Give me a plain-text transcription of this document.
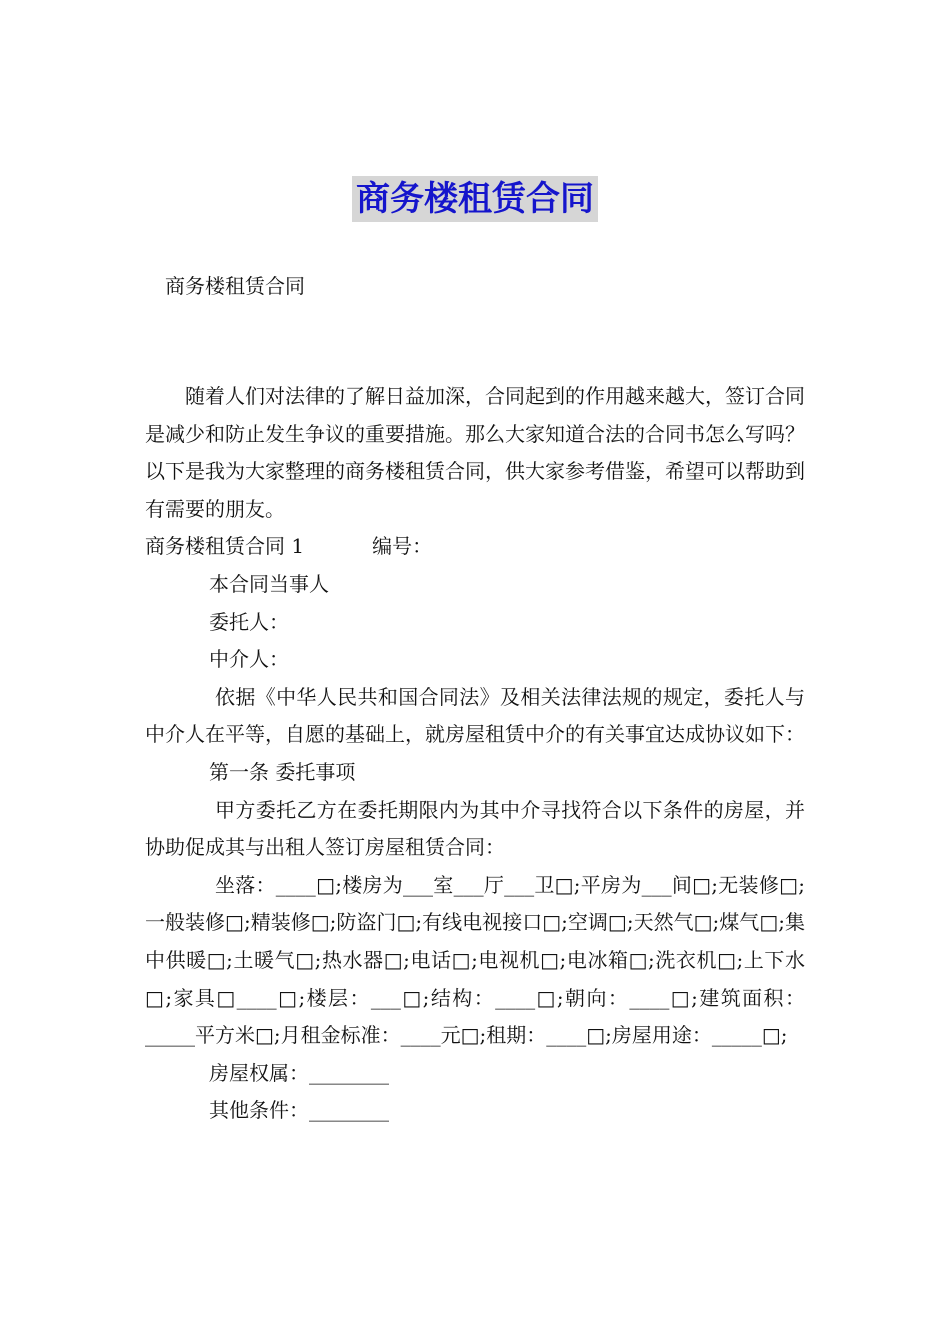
商务楼租赁合同
商务楼租赁合同

随着人们对法律的了解日益加深，合同起到的作用越来越大，签订合同是减少和防止发生争议的重要措施。那么大家知道合法的合同书怎么写吗？以下是我为大家整理的商务楼租赁合同，供大家参考借鉴，希望可以帮助到有需要的朋友。

商务楼租赁合同 1	编号：

本合同当事人

委托人：

中介人：

依据《中华人民共和国合同法》及相关法律法规的规定，委托人与中介人在平等，自愿的基础上，就房屋租赁中介的有关事宜达成协议如下：

第一条 委托事项

甲方委托乙方在委托期限内为其中介寻找符合以下条件的房屋，并协助促成其与出租人签订房屋租赁合同：

坐落：____□;楼房为___室___厅___卫□;平房为___间□;无装修□;一般装修□;精装修□;防盗门□;有线电视接口□;空调□;天然气□;煤气□;集中供暖□;土暖气□;热水器□;电话□;电视机□;电冰箱□;洗衣机□;上下水□;家具□____□;楼层：___□;结构：____□;朝向：____□;建筑面积：_____平方米□;月租金标准：____元□;租期：____□;房屋用途：_____□;

房屋权属：________

其他条件：________
